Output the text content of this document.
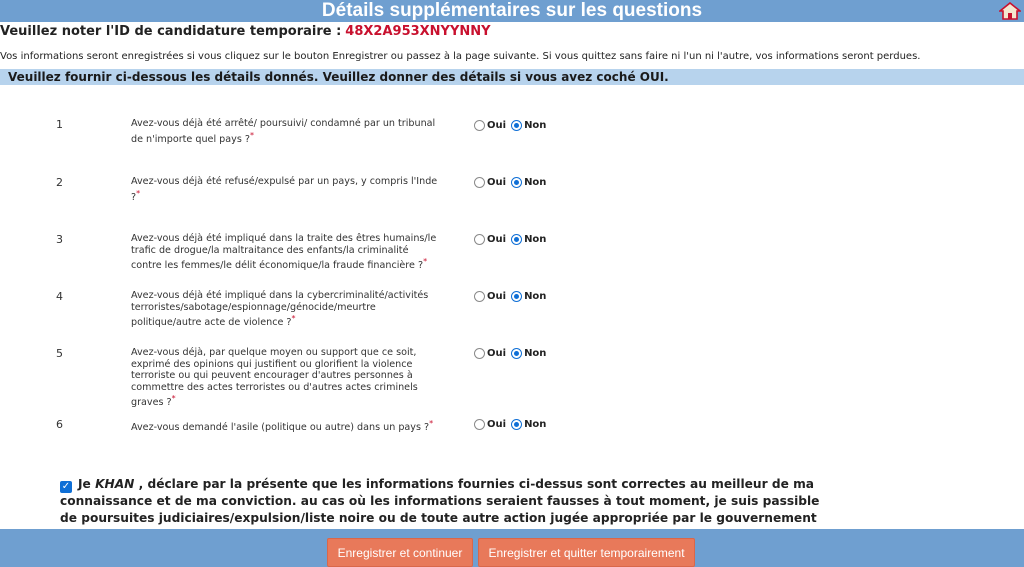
Détails supplémentaires sur les questions
Veuillez noter l'ID de candidature temporaire : 48X2A953XNYYNNY
Vos informations seront enregistrées si vous cliquez sur le bouton Enregistrer ou passez à la page suivante. Si vous quittez sans faire ni l'un ni l'autre, vos informations seront perdues.
Veuillez fournir ci-dessous les détails donnés. Veuillez donner des détails si vous avez coché OUI.
1	Avez-vous déjà été arrêté/ poursuivi/ condamné par un tribunal de n'importe quel pays ?*
Oui Non
2	Avez-vous déjà été refusé/expulsé par un pays, y compris l'Inde ?*
Oui Non
3	Avez-vous déjà été impliqué dans la traite des êtres humains/le trafic de drogue/la maltraitance des enfants/la criminalité contre les femmes/le délit économique/la fraude financière ?*
Oui Non
4	Avez-vous déjà été impliqué dans la cybercriminalité/activités terroristes/sabotage/espionnage/génocide/meurtre politique/autre acte de violence ?*
Oui Non
5	Avez-vous déjà, par quelque moyen ou support que ce soit, exprimé des opinions qui justifient ou glorifient la violence terroriste ou qui peuvent encourager d'autres personnes à commettre des actes terroristes ou d'autres actes criminels graves ?*
Oui Non
6	Avez-vous demandé l'asile (politique ou autre) dans un pays ?*	Oui Non
✓ Je KHAN , déclare par la présente que les informations fournies ci-dessus sont correctes au meilleur de ma connaissance et de ma conviction. au cas où les informations seraient fausses à tout moment, je suis passible de poursuites judiciaires/expulsion/liste noire ou de toute autre action jugée appropriée par le gouvernement
Enregistrer et continuer	Enregistrer et quitter temporairement
